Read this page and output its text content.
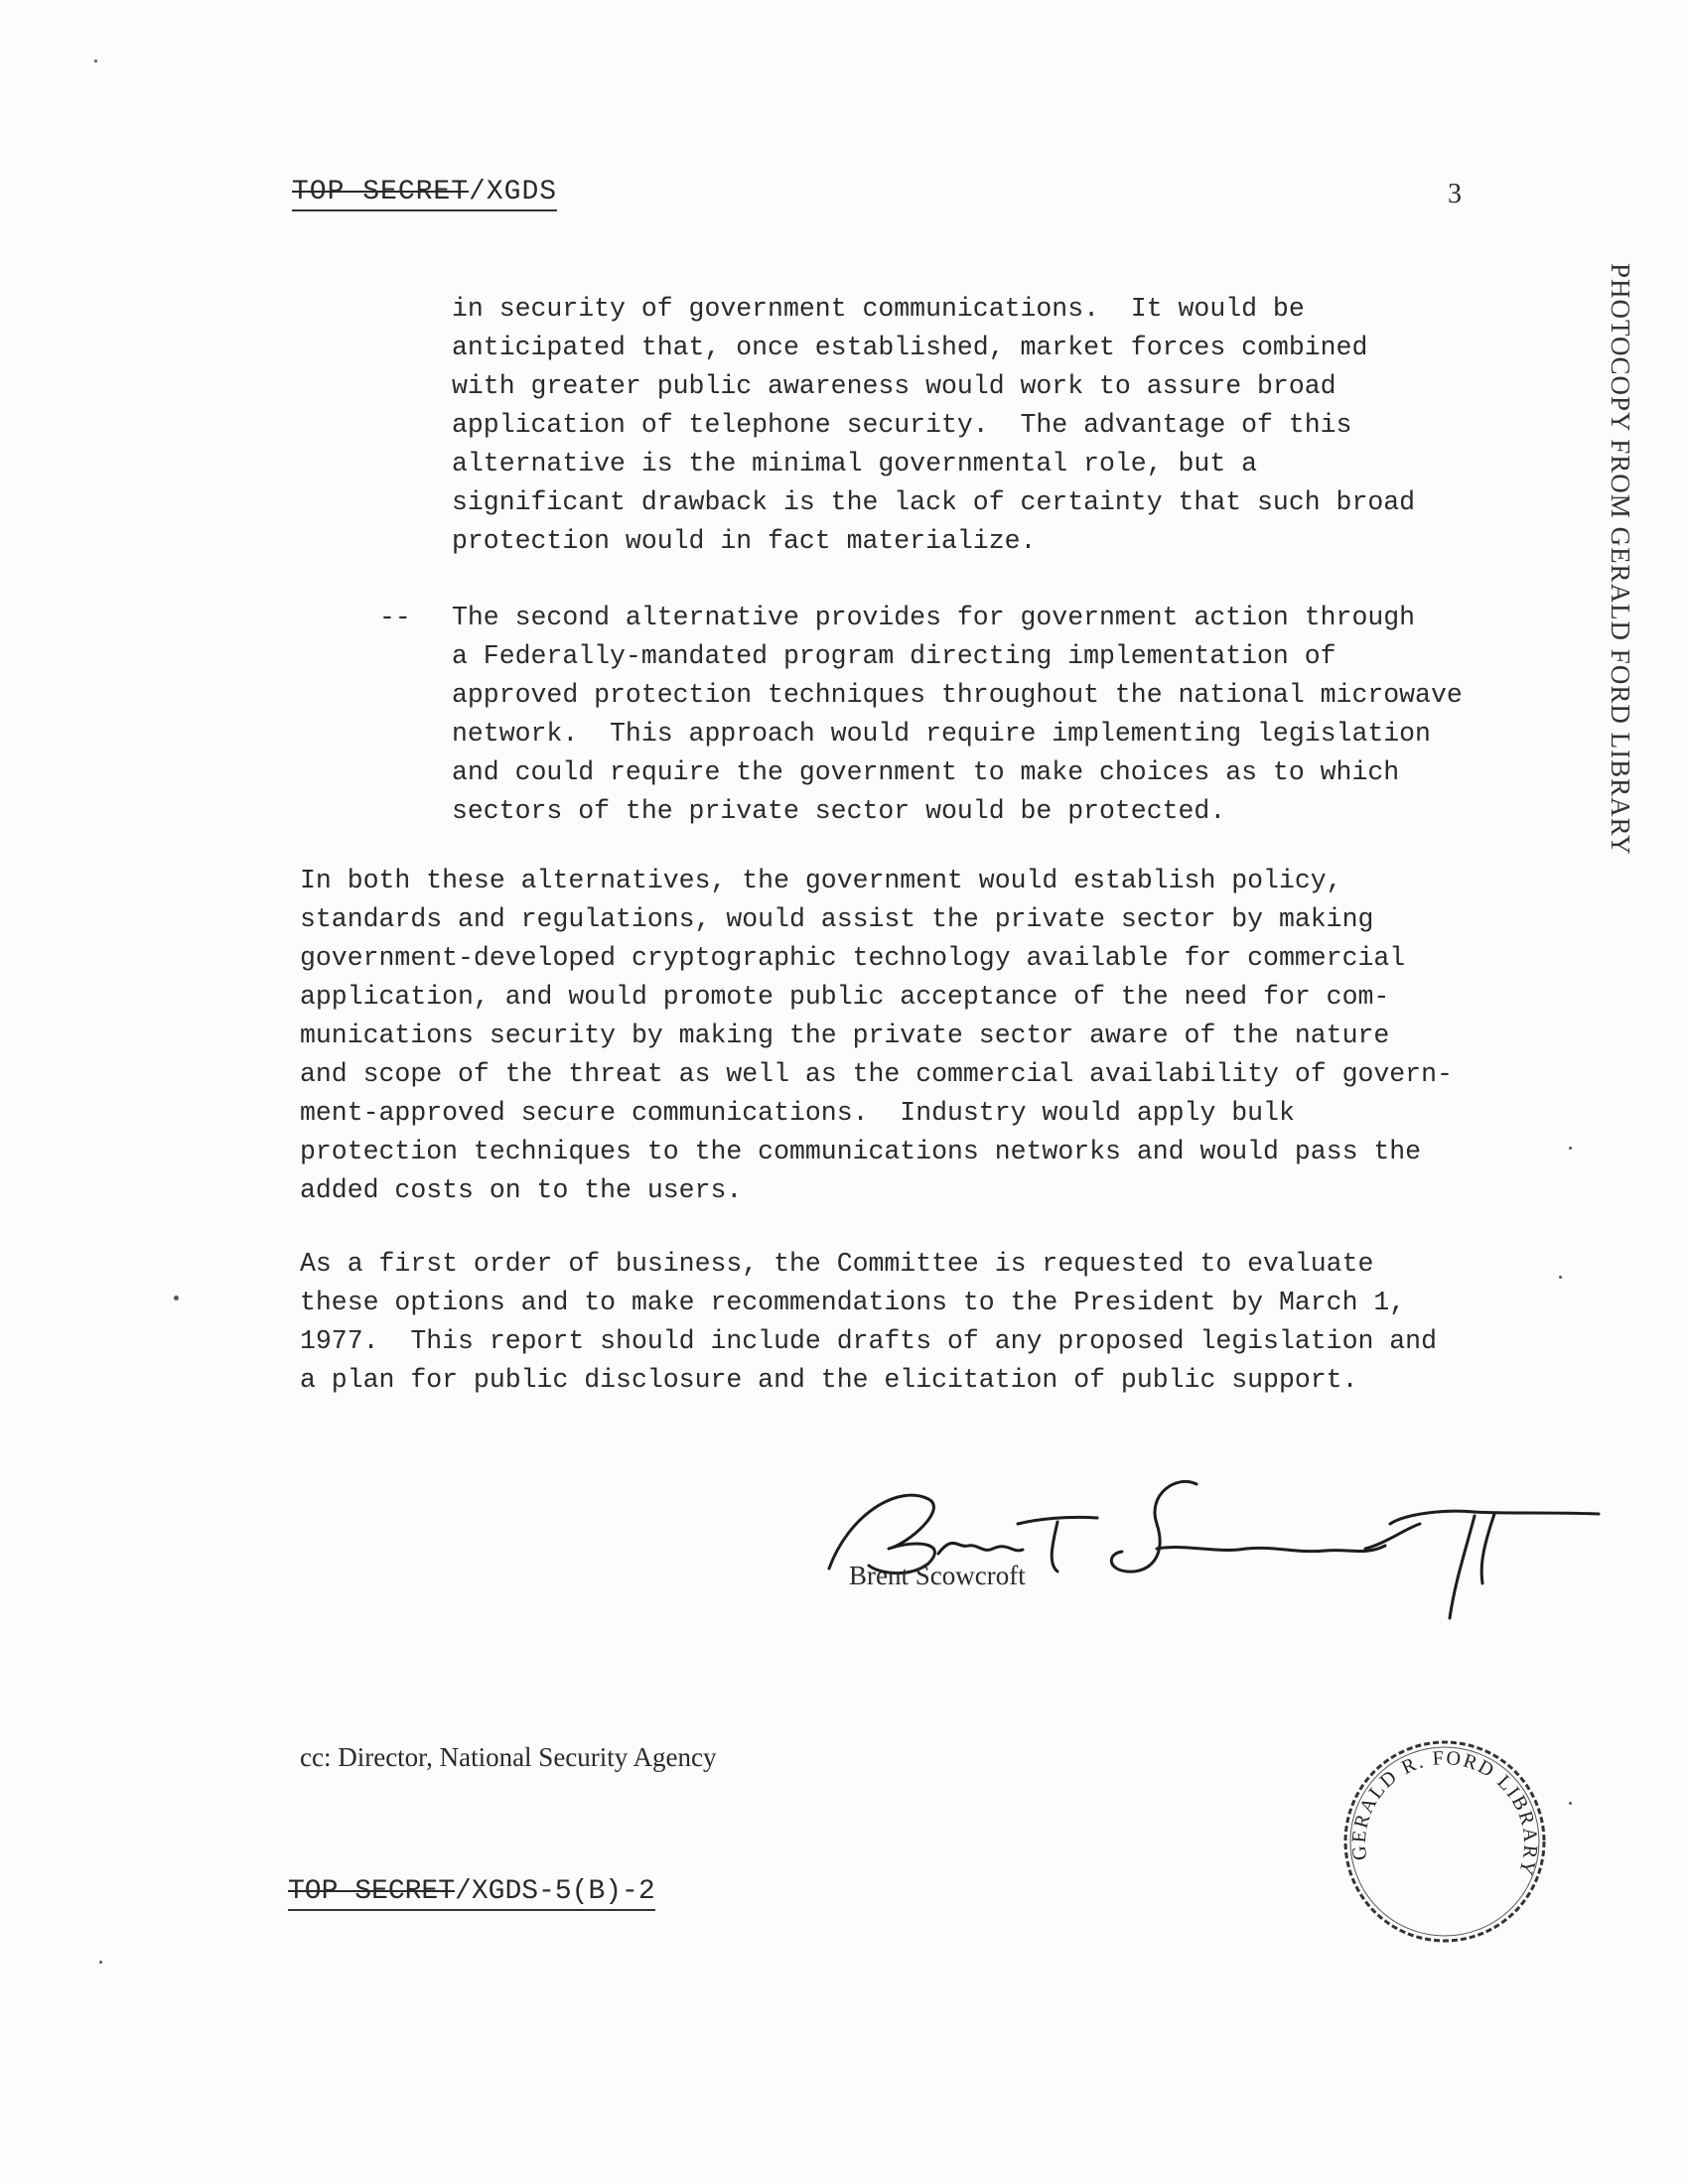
TOP SECRET/XGDS	3
PHOTOCOPY FROM GERALD FORD LIBRARY
in security of government communications.  It would be
anticipated that, once established, market forces combined
with greater public awareness would work to assure broad
application of telephone security.  The advantage of this
alternative is the minimal governmental role, but a
significant drawback is the lack of certainty that such broad
protection would in fact materialize.
-- The second alternative provides for government action through
a Federally-mandated program directing implementation of
approved protection techniques throughout the national microwave
network.  This approach would require implementing legislation
and could require the government to make choices as to which
sectors of the private sector would be protected.
In both these alternatives, the government would establish policy,
standards and regulations, would assist the private sector by making
government-developed cryptographic technology available for commercial
application, and would promote public acceptance of the need for com-
munications security by making the private sector aware of the nature
and scope of the threat as well as the commercial availability of govern-
ment-approved secure communications.  Industry would apply bulk
protection techniques to the communications networks and would pass the
added costs on to the users.
As a first order of business, the Committee is requested to evaluate
these options and to make recommendations to the President by March 1,
1977.  This report should include drafts of any proposed legislation and
a plan for public disclosure and the elicitation of public support.
Brent Scowcroft
cc: Director, National Security Agency
GERALD R. FORD LIBRARY
TOP SECRET/XGDS-5(B)-2
